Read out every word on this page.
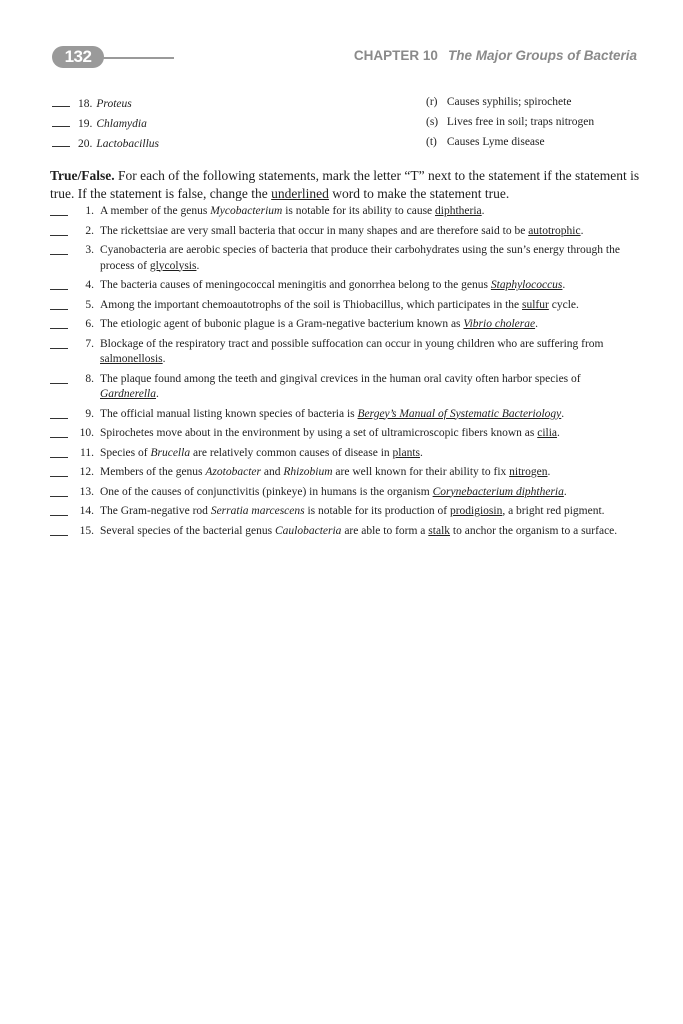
132	CHAPTER 10 The Major Groups of Bacteria
18. Proteus	(r) Causes syphilis; spirochete
19. Chlamydia	(s) Lives free in soil; traps nitrogen
20. Lactobacillus	(t) Causes Lyme disease
True/False. For each of the following statements, mark the letter “T” next to the statement if the statement is true. If the statement is false, change the underlined word to make the statement true.
1. A member of the genus Mycobacterium is notable for its ability to cause diphtheria.
2. The rickettsiae are very small bacteria that occur in many shapes and are therefore said to be autotrophic.
3. Cyanobacteria are aerobic species of bacteria that produce their carbohydrates using the sun’s energy through the process of glycolysis.
4. The bacteria causes of meningococcal meningitis and gonorrhea belong to the genus Staphylococcus.
5. Among the important chemoautotrophs of the soil is Thiobacillus, which participates in the sulfur cycle.
6. The etiologic agent of bubonic plague is a Gram-negative bacterium known as Vibrio cholerae.
7. Blockage of the respiratory tract and possible suffocation can occur in young children who are suffering from salmonellosis.
8. The plaque found among the teeth and gingival crevices in the human oral cavity often harbor species of Gardnerella.
9. The official manual listing known species of bacteria is Bergey’s Manual of Systematic Bacteriology.
10. Spirochetes move about in the environment by using a set of ultramicroscopic fibers known as cilia.
11. Species of Brucella are relatively common causes of disease in plants.
12. Members of the genus Azotobacter and Rhizobium are well known for their ability to fix nitrogen.
13. One of the causes of conjunctivitis (pinkeye) in humans is the organism Corynebacterium diphtheria.
14. The Gram-negative rod Serratia marcescens is notable for its production of prodigiosin, a bright red pigment.
15. Several species of the bacterial genus Caulobacteria are able to form a stalk to anchor the organism to a surface.
